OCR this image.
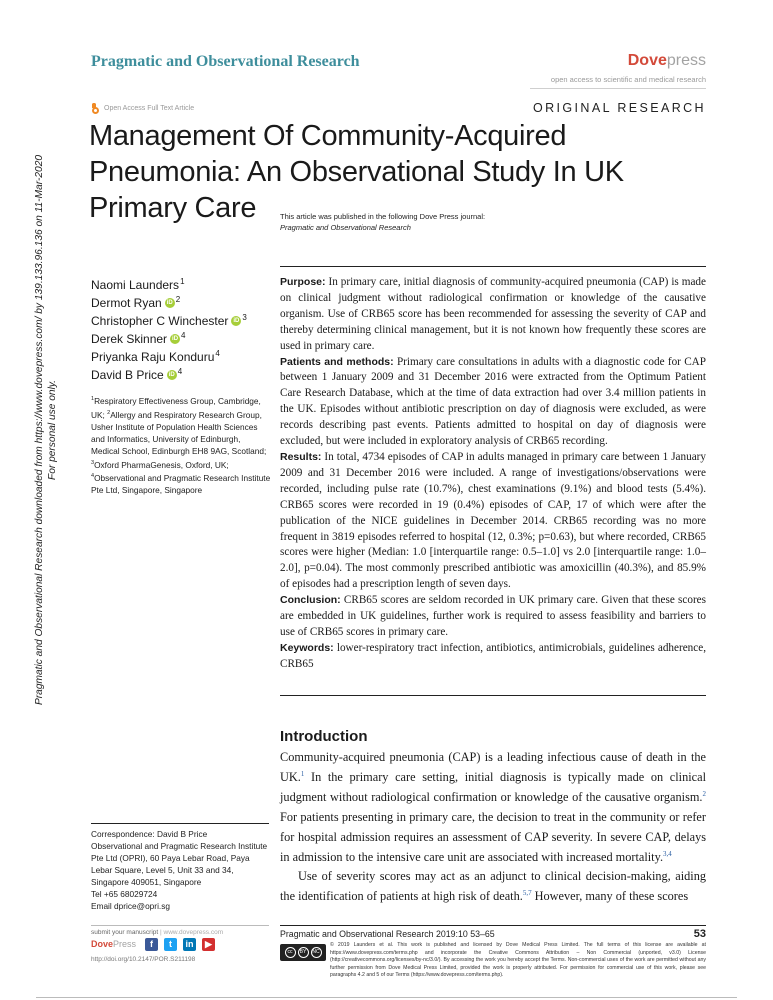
Pragmatic and Observational Research downloaded from https://www.dovepress.com/ by 139.133.96.136 on 11-Mar-2020 For personal use only.
Pragmatic and Observational Research	Dovepress
open access to scientific and medical research
Open Access Full Text Article	ORIGINAL RESEARCH
Management Of Community-Acquired Pneumonia: An Observational Study In UK Primary Care	This article was published in the following Dove Press journal:
Pragmatic and Observational Research
Naomi Launders$^1$
Dermot Ryan iD $^2$
Christopher C Winchester iD $^3$
Derek Skinner iD $^4$
Priyanka Raju Konduru$^4$
David B Price iD $^4$
$^1$Respiratory Effectiveness Group, Cambridge, UK; $^2$Allergy and Respiratory Research Group, Usher Institute of Population Health Sciences and Informatics, University of Edinburgh, Medical School, Edinburgh EH8 9AG, Scotland; $^3$Oxford PharmaGenesis, Oxford, UK; $^4$Observational and Pragmatic Research Institute Pte Ltd, Singapore, Singapore

Purpose: In primary care, initial diagnosis of community-acquired pneumonia (CAP) is made on clinical judgment without radiological confirmation or knowledge of the causative organism. Use of CRB65 score has been recommended for assessing the severity of CAP and thereby determining clinical management, but it is not known how frequently these scores are used in primary care.

Patients and methods: Primary care consultations in adults with a diagnostic code for CAP between 1 January 2009 and 31 December 2016 were extracted from the Optimum Patient Care Research Database, which at the time of data extraction had over 3.4 million patients in the UK. Episodes without antibiotic prescription on day of diagnosis were excluded, as were records describing past events. Patients admitted to hospital on day of diagnosis were excluded, but were included in exploratory analysis of CRB65 recording.

Results: In total, 4734 episodes of CAP in adults managed in primary care between 1 January 2009 and 31 December 2016 were included. A range of investigations/observations were recorded, including pulse rate (10.7%), chest examinations (9.1%) and blood tests (5.4%). CRB65 scores were recorded in 19 (0.4%) episodes of CAP, 17 of which were after the publication of the NICE guidelines in December 2014. CRB65 recording was no more frequent in 3819 episodes referred to hospital (12, 0.3%; p=0.63), but where recorded, CRB65 scores were higher (Median: 1.0 [interquartile range: 0.5–1.0] vs 2.0 [interquartile range: 1.0–2.0], p=0.04). The most commonly prescribed antibiotic was amoxicillin (40.3%), and 85.9% of episodes had a prescription length of seven days.

Conclusion: CRB65 scores are seldom recorded in UK primary care. Given that these scores are embedded in UK guidelines, further work is required to assess feasibility and barriers to use of CRB65 scores in primary care.

Keywords: lower-respiratory tract infection, antibiotics, antimicrobials, guidelines adherence, CRB65

Introduction

Community-acquired pneumonia (CAP) is a leading infectious cause of death in the UK.$^1$ In the primary care setting, initial diagnosis is typically made on clinical judgment without radiological confirmation or knowledge of the causative organism.$^2$ For patients presenting in primary care, the decision to treat in the community or refer for hospital admission requires an assessment of CAP severity. In severe CAP, delays in admission to the intensive care unit are associated with increased mortality.$^{3,4}$

Use of severity scores may act as an adjunct to clinical decision-making, aiding the identification of patients at high risk of death.$^{5,7}$ However, many of these scores

Correspondence: David B Price
Observational and Pragmatic Research Institute Pte Ltd (OPRI), 60 Paya Lebar Road, Paya Lebar Square, Level 5, Unit 33 and 34, Singapore 409051, Singapore
Tel +65 68029724
Email dprice@opri.sg
submit your manuscript | www.dovepress.com
DovePress	f	t	in	▶
http://doi.org/10.2147/POR.S211198
Pragmatic and Observational Research 2019:10 53–65	53
cc	BY	NC
© 2019 Launders et al. This work is published and licensed by Dove Medical Press Limited. The full terms of this license are available at https://www.dovepress.com/terms.php and incorporate the Creative Commons Attribution – Non Commercial (unported, v3.0) License (http://creativecommons.org/licenses/by-nc/3.0/). By accessing the work you hereby accept the Terms. Non-commercial uses of the work are permitted without any further permission from Dove Medical Press Limited, provided the work is properly attributed. For permission for commercial use of this work, please see paragraphs 4.2 and 5 of our Terms (https://www.dovepress.com/terms.php).
